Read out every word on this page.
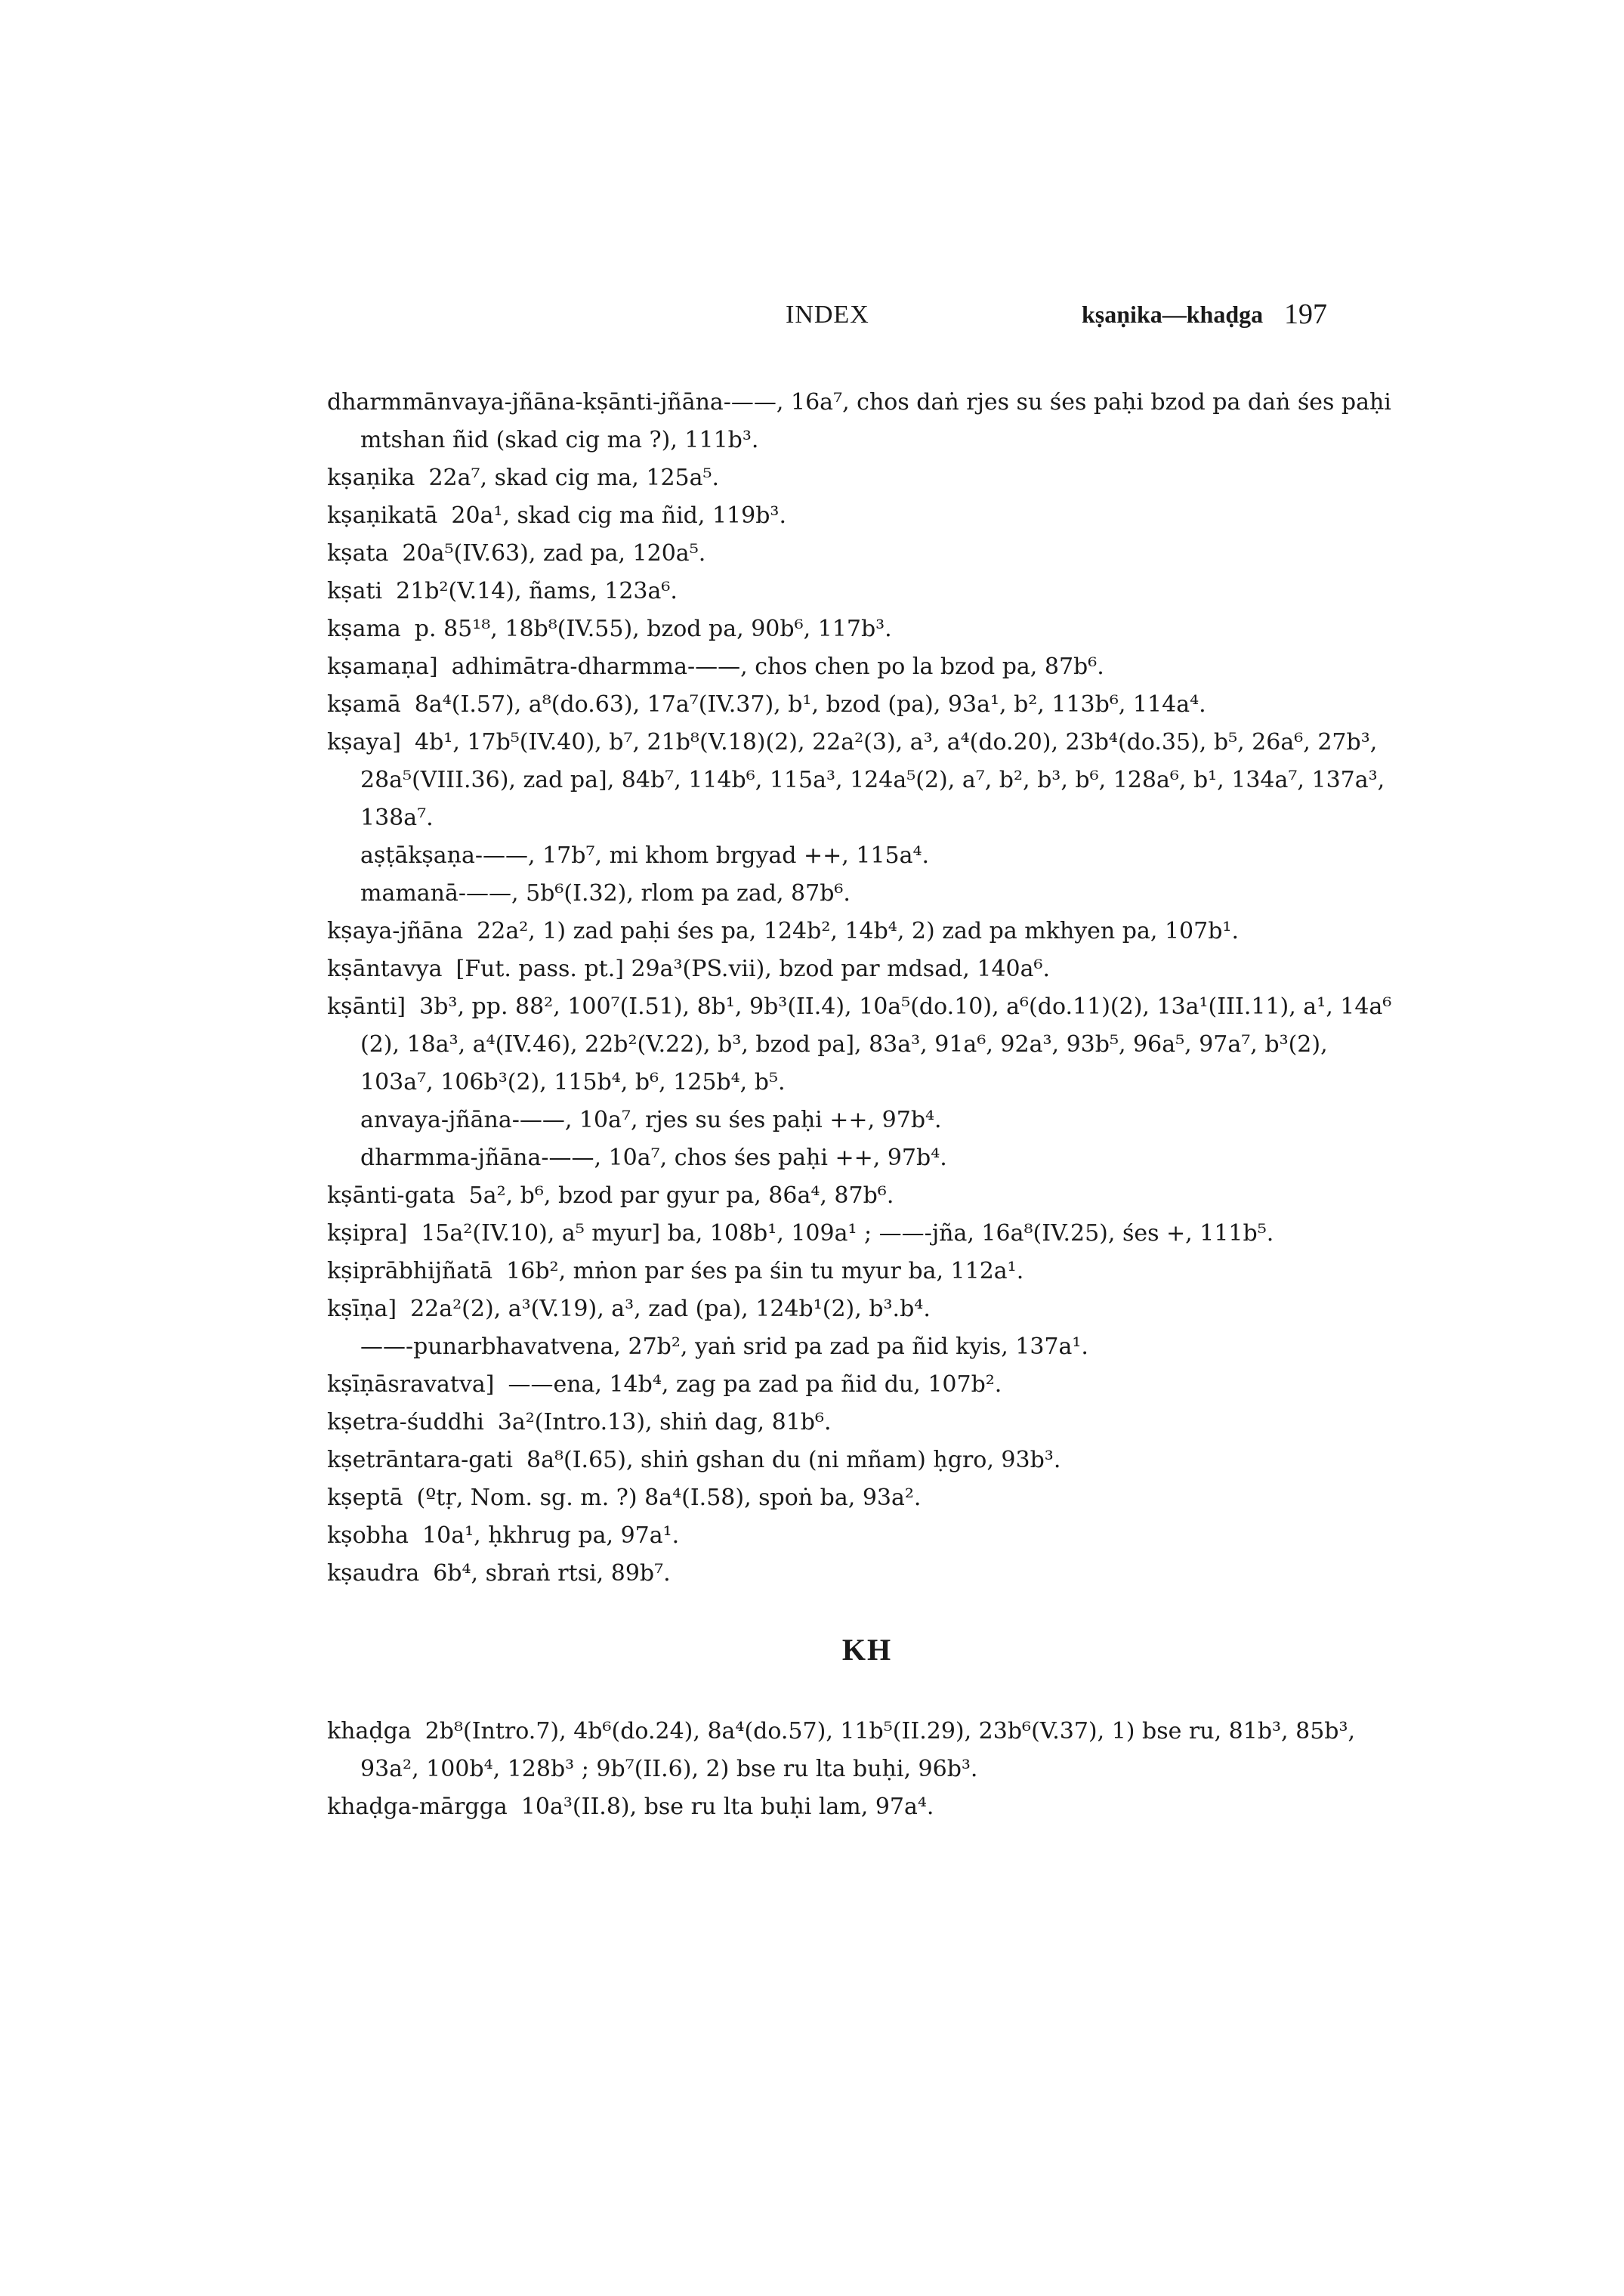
INDEX	kṣaṇika—khaḍga 197

dharmmānvaya-jñāna-kṣānti-jñāna-——, 16a⁷, chos daṅ rjes su śes paḥi bzod pa daṅ śes paḥi mtshan ñid (skad cig ma ?), 111b³.

kṣaṇika 22a⁷, skad cig ma, 125a⁵.

kṣaṇikatā 20a¹, skad cig ma ñid, 119b³.

kṣata 20a⁵(IV.63), zad pa, 120a⁵.

kṣati 21b²(V.14), ñams, 123a⁶.

kṣama p. 85¹⁸, 18b⁸(IV.55), bzod pa, 90b⁶, 117b³.

kṣamaṇa] adhimātra-dharmma-——, chos chen po la bzod pa, 87b⁶.

kṣamā 8a⁴(I.57), a⁸(do.63), 17a⁷(IV.37), b¹, bzod (pa), 93a¹, b², 113b⁶, 114a⁴.

kṣaya] 4b¹, 17b⁵(IV.40), b⁷, 21b⁸(V.18)(2), 22a²(3), a³, a⁴(do.20), 23b⁴(do.35), b⁵, 26a⁶, 27b³, 28a⁵(VIII.36), zad pa], 84b⁷, 114b⁶, 115a³, 124a⁵(2), a⁷, b², b³, b⁶, 128a⁶, b¹, 134a⁷, 137a³, 138a⁷.

aṣṭākṣaṇa-——, 17b⁷, mi khom brgyad ++, 115a⁴.

mamanā-——, 5b⁶(I.32), rlom pa zad, 87b⁶.

kṣaya-jñāna 22a², 1) zad paḥi śes pa, 124b², 14b⁴, 2) zad pa mkhyen pa, 107b¹.

kṣāntavya [Fut. pass. pt.] 29a³(PS.vii), bzod par mdsad, 140a⁶.

kṣānti] 3b³, pp. 88², 100⁷(I.51), 8b¹, 9b³(II.4), 10a⁵(do.10), a⁶(do.11)(2), 13a¹(III.11), a¹, 14a⁶ (2), 18a³, a⁴(IV.46), 22b²(V.22), b³, bzod pa], 83a³, 91a⁶, 92a³, 93b⁵, 96a⁵, 97a⁷, b³(2), 103a⁷, 106b³(2), 115b⁴, b⁶, 125b⁴, b⁵.

anvaya-jñāna-——, 10a⁷, rjes su śes paḥi ++, 97b⁴.

dharmma-jñāna-——, 10a⁷, chos śes paḥi ++, 97b⁴.

kṣānti-gata 5a², b⁶, bzod par gyur pa, 86a⁴, 87b⁶.

kṣipra] 15a²(IV.10), a⁵ myur] ba, 108b¹, 109a¹ ; ——-jña, 16a⁸(IV.25), śes +, 111b⁵.

kṣiprābhijñatā 16b², mṅon par śes pa śin tu myur ba, 112a¹.

kṣīṇa] 22a²(2), a³(V.19), a³, zad (pa), 124b¹(2), b³.b⁴.

——-punarbhavatvena, 27b², yaṅ srid pa zad pa ñid kyis, 137a¹.

kṣīṇāsravatva] ——ena, 14b⁴, zag pa zad pa ñid du, 107b².

kṣetra-śuddhi 3a²(Intro.13), shiṅ dag, 81b⁶.

kṣetrāntara-gati 8a⁸(I.65), shiṅ gshan du (ni mñam) ḥgro, 93b³.

kṣeptā (ºtṛ, Nom. sg. m. ?) 8a⁴(I.58), spoṅ ba, 93a².

kṣobha 10a¹, ḥkhrug pa, 97a¹.

kṣaudra 6b⁴, sbraṅ rtsi, 89b⁷.

KH

khaḍga 2b⁸(Intro.7), 4b⁶(do.24), 8a⁴(do.57), 11b⁵(II.29), 23b⁶(V.37), 1) bse ru, 81b³, 85b³, 93a², 100b⁴, 128b³ ; 9b⁷(II.6), 2) bse ru lta buḥi, 96b³.

khaḍga-mārgga 10a³(II.8), bse ru lta buḥi lam, 97a⁴.
